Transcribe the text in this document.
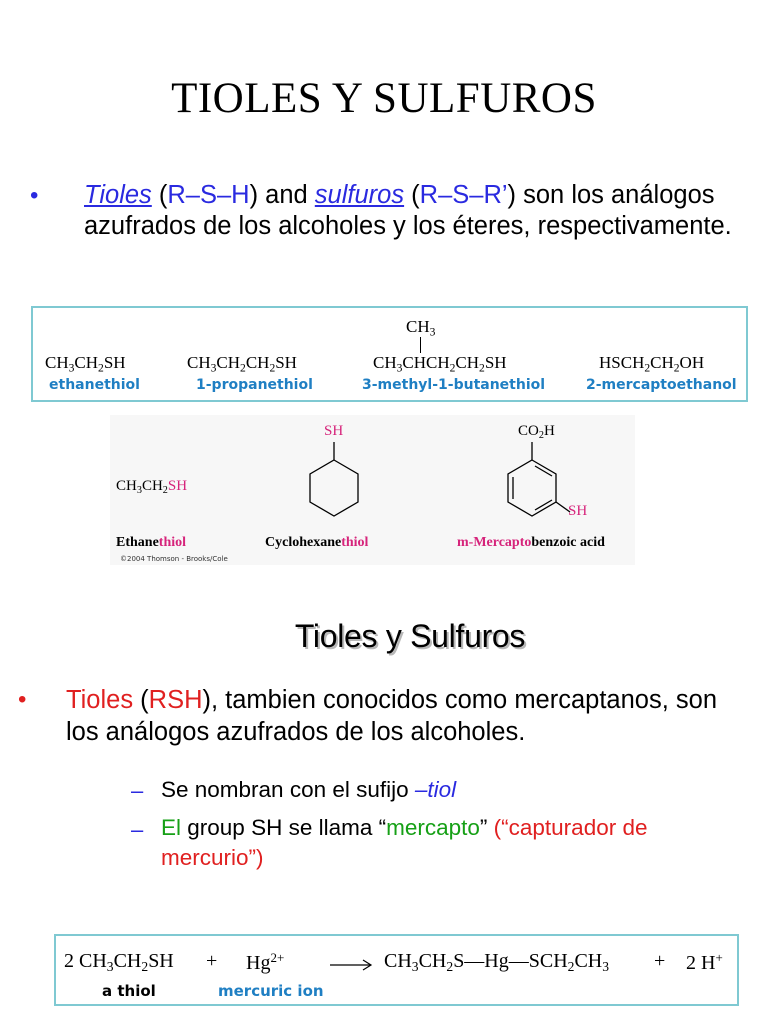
TIOLES Y SULFUROS
• Tioles (R–S–H) and sulfuros (R–S–R’) son los análogos azufrados de los alcoholes y los éteres, respectivamente.
$CH_3CH_2SH$
ethanethiol
$CH_3CH_2CH_2SH$
1-propanethiol
$CH_3$
$CH_3CHCH_2CH_2SH$
3-methyl-1-butanethiol
$HSCH_2CH_2OH$
2-mercaptoethanol
$CH_3CH_2SH$
SH	$CO_2H$
SH
Ethanethiol	Cyclohexanethiol	m-Mercaptobenzoic acid
©2004 Thomson - Brooks/Cole
Tioles y Sulfuros
• Tioles (RSH), tambien conocidos como mercaptanos, son los análogos azufrados de los alcoholes.
– Se nombran con el sufijo –tiol
– El group SH se llama “mercapto” (“capturador de mercurio”)
2 $CH_3CH_2SH + Hg^{2+}$	→ $CH_3CH_2S—Hg—SCH_2CH_3 + 2$ H+
a thiol	mercuric ion
